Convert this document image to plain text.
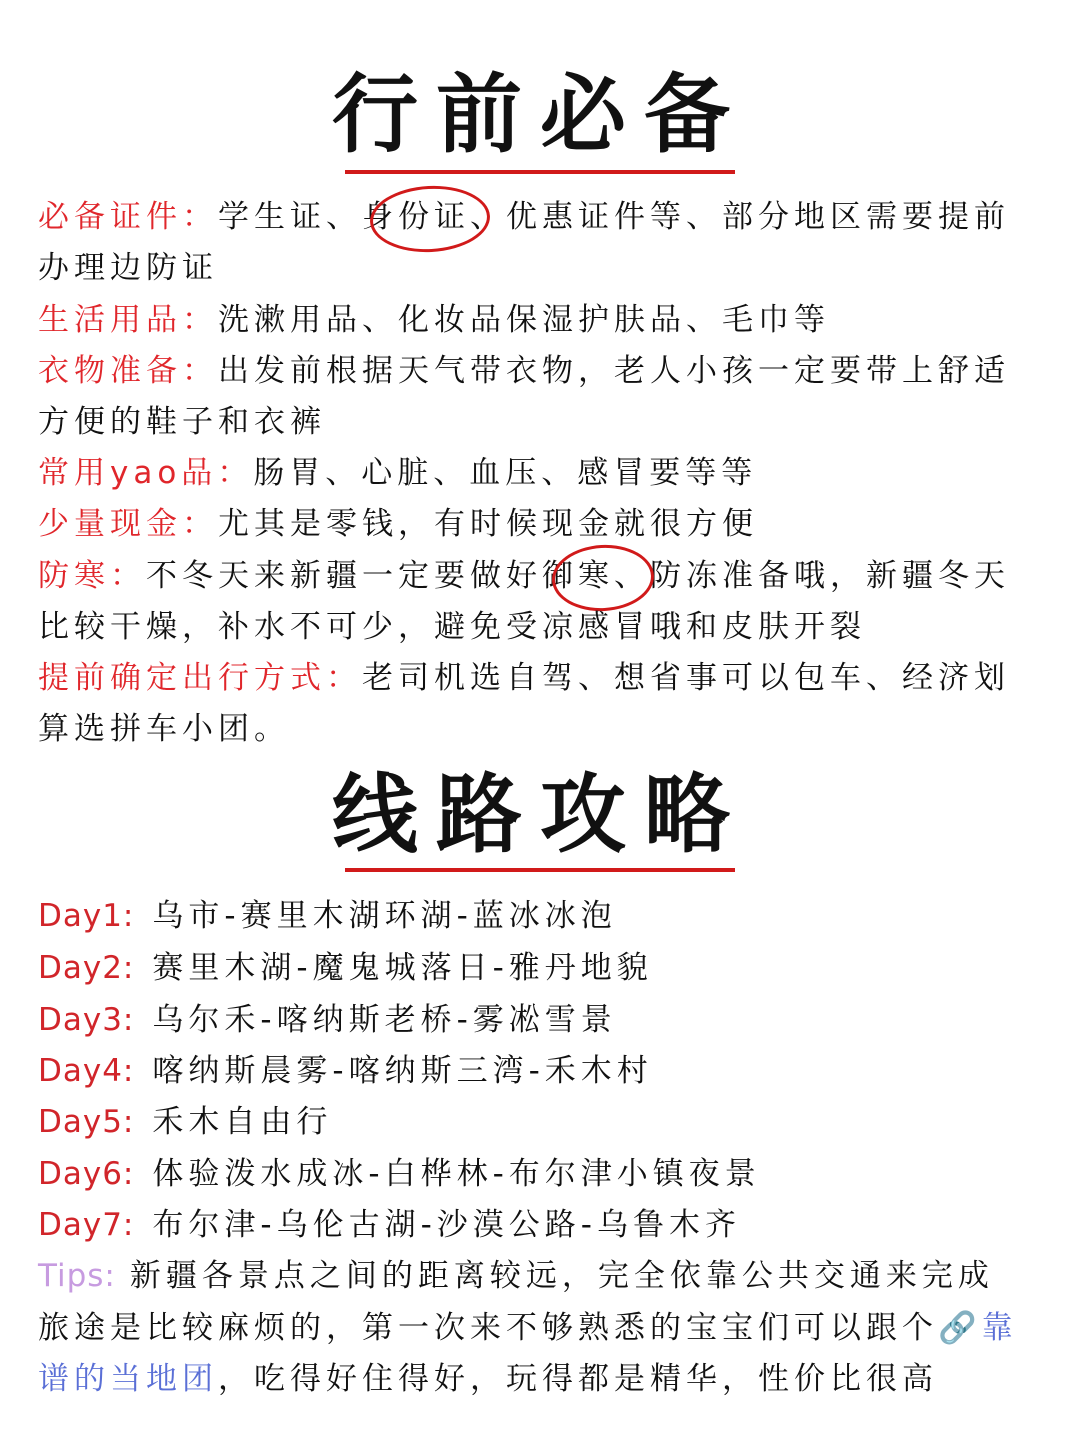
行前必备
必备证件：学生证、身份证、优惠证件等、部分地区需要提前
办理边防证
生活用品：洗漱用品、化妆品保湿护肤品、毛巾等
衣物准备：出发前根据天气带衣物，老人小孩一定要带上舒适
方便的鞋子和衣裤
常用yao品：肠胃、心脏、血压、感冒要等等
少量现金：尤其是零钱，有时候现金就很方便
防寒：不冬天来新疆一定要做好御寒、防冻准备哦，新疆冬天
比较干燥，补水不可少，避免受凉感冒哦和皮肤开裂
提前确定出行方式：老司机选自驾、想省事可以包车、经济划
算选拼车小团。
线路攻略
Day1: 乌市-赛里木湖环湖-蓝冰冰泡
Day2: 赛里木湖-魔鬼城落日-雅丹地貌
Day3: 乌尔禾-喀纳斯老桥-雾凇雪景
Day4: 喀纳斯晨雾-喀纳斯三湾-禾木村
Day5: 禾木自由行
Day6: 体验泼水成冰-白桦林-布尔津小镇夜景
Day7: 布尔津-乌伦古湖-沙漠公路-乌鲁木齐
Tips: 新疆各景点之间的距离较远，完全依靠公共交通来完成
旅途是比较麻烦的，第一次来不够熟悉的宝宝们可以跟个🔗靠
谱的当地团，吃得好住得好，玩得都是精华，性价比很高
